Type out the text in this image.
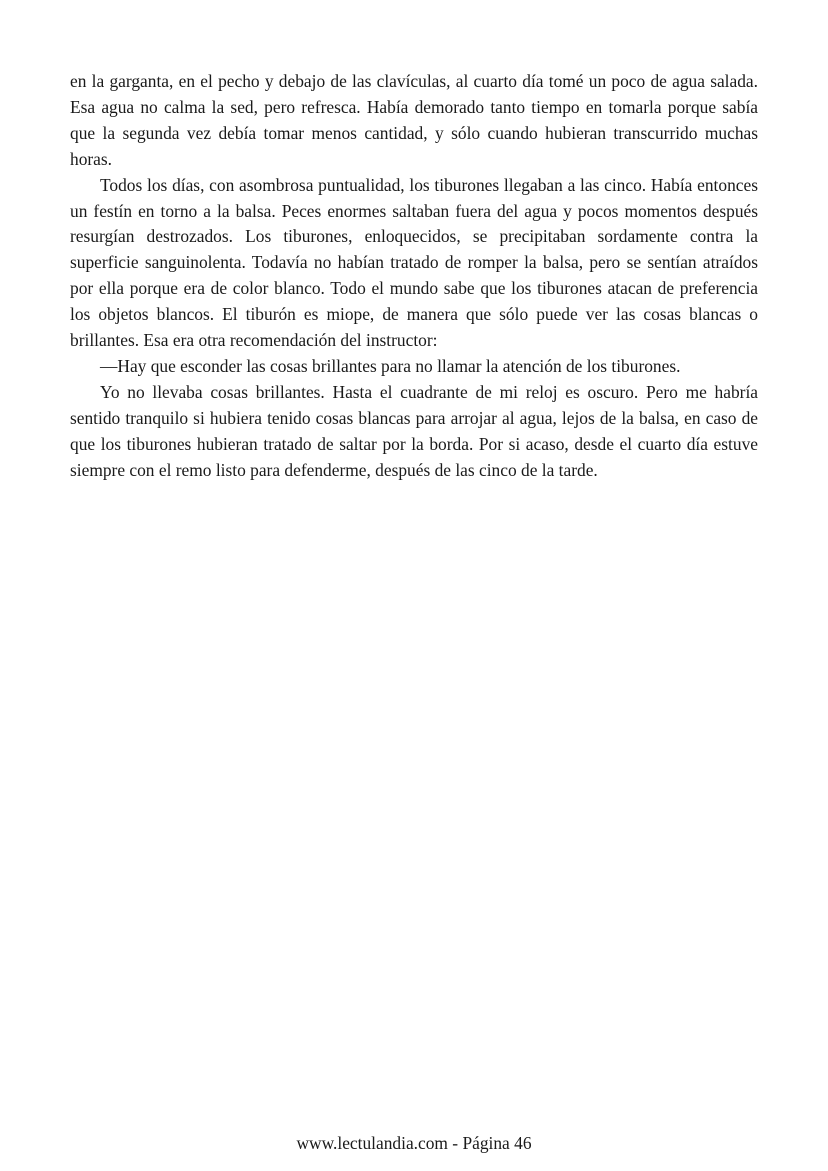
en la garganta, en el pecho y debajo de las clavículas, al cuarto día tomé un poco de agua salada. Esa agua no calma la sed, pero refresca. Había demorado tanto tiempo en tomarla porque sabía que la segunda vez debía tomar menos cantidad, y sólo cuando hubieran transcurrido muchas horas.

Todos los días, con asombrosa puntualidad, los tiburones llegaban a las cinco. Había entonces un festín en torno a la balsa. Peces enormes saltaban fuera del agua y pocos momentos después resurgían destrozados. Los tiburones, enloquecidos, se precipitaban sordamente contra la superficie sanguinolenta. Todavía no habían tratado de romper la balsa, pero se sentían atraídos por ella porque era de color blanco. Todo el mundo sabe que los tiburones atacan de preferencia los objetos blancos. El tiburón es miope, de manera que sólo puede ver las cosas blancas o brillantes. Esa era otra recomendación del instructor:

—Hay que esconder las cosas brillantes para no llamar la atención de los tiburones.

Yo no llevaba cosas brillantes. Hasta el cuadrante de mi reloj es oscuro. Pero me habría sentido tranquilo si hubiera tenido cosas blancas para arrojar al agua, lejos de la balsa, en caso de que los tiburones hubieran tratado de saltar por la borda. Por si acaso, desde el cuarto día estuve siempre con el remo listo para defenderme, después de las cinco de la tarde.

www.lectulandia.com - Página 46
